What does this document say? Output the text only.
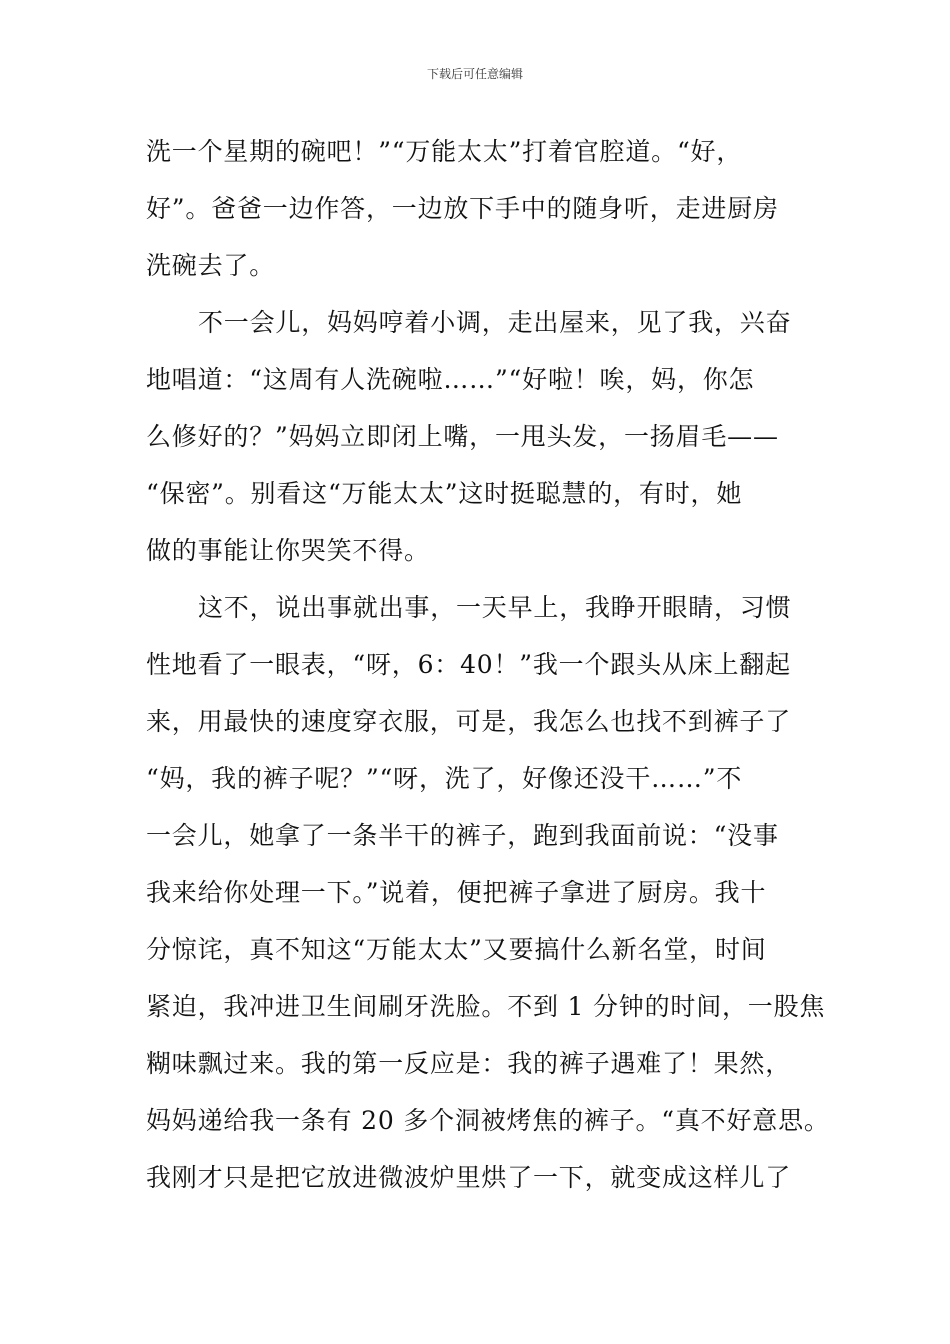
下载后可任意编辑
洗一个星期的碗吧！”“万能太太”打着官腔道。“好，
好”。爸爸一边作答，一边放下手中的随身听，走进厨房
洗碗去了。
不一会儿，妈妈哼着小调，走出屋来，见了我，兴奋
地唱道：“这周有人洗碗啦……”“好啦！唉，妈，你怎
么修好的？”妈妈立即闭上嘴，一甩头发，一扬眉毛——
“保密”。别看这“万能太太”这时挺聪慧的，有时，她
做的事能让你哭笑不得。
这不，说出事就出事，一天早上，我睁开眼睛，习惯
性地看了一眼表，“呀，6：40！”我一个跟头从床上翻起
来，用最快的速度穿衣服，可是，我怎么也找不到裤子了
“妈，我的裤子呢？”“呀，洗了，好像还没干……”不
一会儿，她拿了一条半干的裤子，跑到我面前说：“没事
我来给你处理一下。”说着，便把裤子拿进了厨房。我十
分惊诧，真不知这“万能太太”又要搞什么新名堂，时间
紧迫，我冲进卫生间刷牙洗脸。不到 1 分钟的时间，一股焦
糊味飘过来。我的第一反应是：我的裤子遇难了！果然，
妈妈递给我一条有 20 多个洞被烤焦的裤子。“真不好意思。
我刚才只是把它放进微波炉里烘了一下，就变成这样儿了
